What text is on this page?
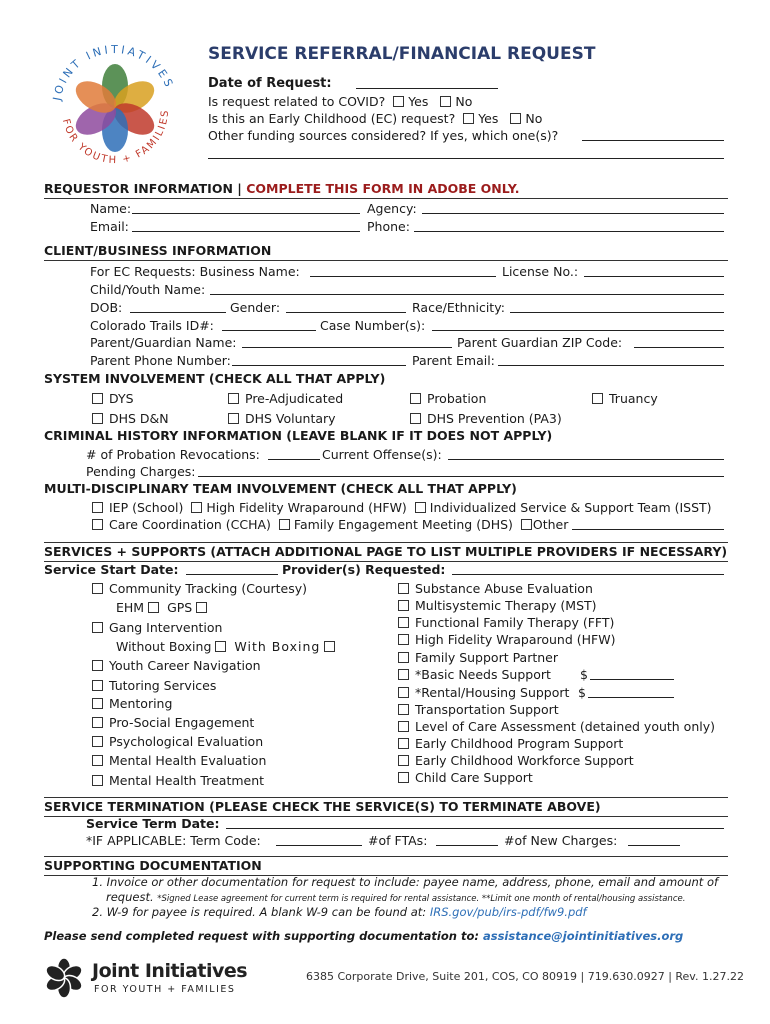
JOINT INITIATIVES
FOR YOUTH + FAMILIES
SERVICE REFERRAL/FINANCIAL REQUEST
Date of Request:
Is request related to COVID? Yes No
Is this an Early Childhood (EC) request? Yes No
Other funding sources considered? If yes, which one(s)?
REQUESTOR INFORMATION | COMPLETE THIS FORM IN ADOBE ONLY.
Name:	Agency:
Email:	Phone:
CLIENT/BUSINESS INFORMATION
For EC Requests: Business Name:	License No.:
Child/Youth Name:
DOB:	Gender:	Race/Ethnicity:
Colorado Trails ID#:	Case Number(s):
Parent/Guardian Name:	Parent Guardian ZIP Code:
Parent Phone Number:	Parent Email:
SYSTEM INVOLVEMENT (CHECK ALL THAT APPLY)
DYS	Pre-Adjudicated	Probation	Truancy
DHS D&N	DHS Voluntary	DHS Prevention (PA3)
CRIMINAL HISTORY INFORMATION (LEAVE BLANK IF IT DOES NOT APPLY)
# of Probation Revocations:	Current Offense(s):
Pending Charges:
MULTI-DISCIPLINARY TEAM INVOLVEMENT (CHECK ALL THAT APPLY)
IEP (School) High Fidelity Wraparound (HFW) Individualized Service & Support Team (ISST)
Care Coordination (CCHA) Family Engagement Meeting (DHS) Other
SERVICES + SUPPORTS (ATTACH ADDITIONAL PAGE TO LIST MULTIPLE PROVIDERS IF NECESSARY)
Service Start Date:	Provider(s) Requested:
Community Tracking (Courtesy)
EHM GPS
Gang Intervention
Without Boxing With Boxing
Youth Career Navigation
Tutoring Services
Mentoring
Pro-Social Engagement
Psychological Evaluation
Mental Health Evaluation
Mental Health Treatment
Substance Abuse Evaluation
Multisystemic Therapy (MST)
Functional Family Therapy (FFT)
High Fidelity Wraparound (HFW)
Family Support Partner
*Basic Needs Support $
*Rental/Housing Support $
Transportation Support
Level of Care Assessment (detained youth only)
Early Childhood Program Support
Early Childhood Workforce Support
Child Care Support
SERVICE TERMINATION (PLEASE CHECK THE SERVICE(S) TO TERMINATE ABOVE)
Service Term Date:
*IF APPLICABLE: Term Code:	#of FTAs:	#of New Charges:
SUPPORTING DOCUMENTATION
1. Invoice or other documentation for request to include: payee name, address, phone, email and amount of
request. *Signed Lease agreement for current term is required for rental assistance. **Limit one month of rental/housing assistance.
2. W-9 for payee is required. A blank W-9 can be found at: IRS.gov/pub/irs-pdf/fw9.pdf
Please send completed request with supporting documentation to: assistance@jointinitiatives.org
Joint Initiatives
FOR YOUTH + FAMILIES
6385 Corporate Drive, Suite 201, COS, CO 80919 | 719.630.0927 | Rev. 1.27.22
